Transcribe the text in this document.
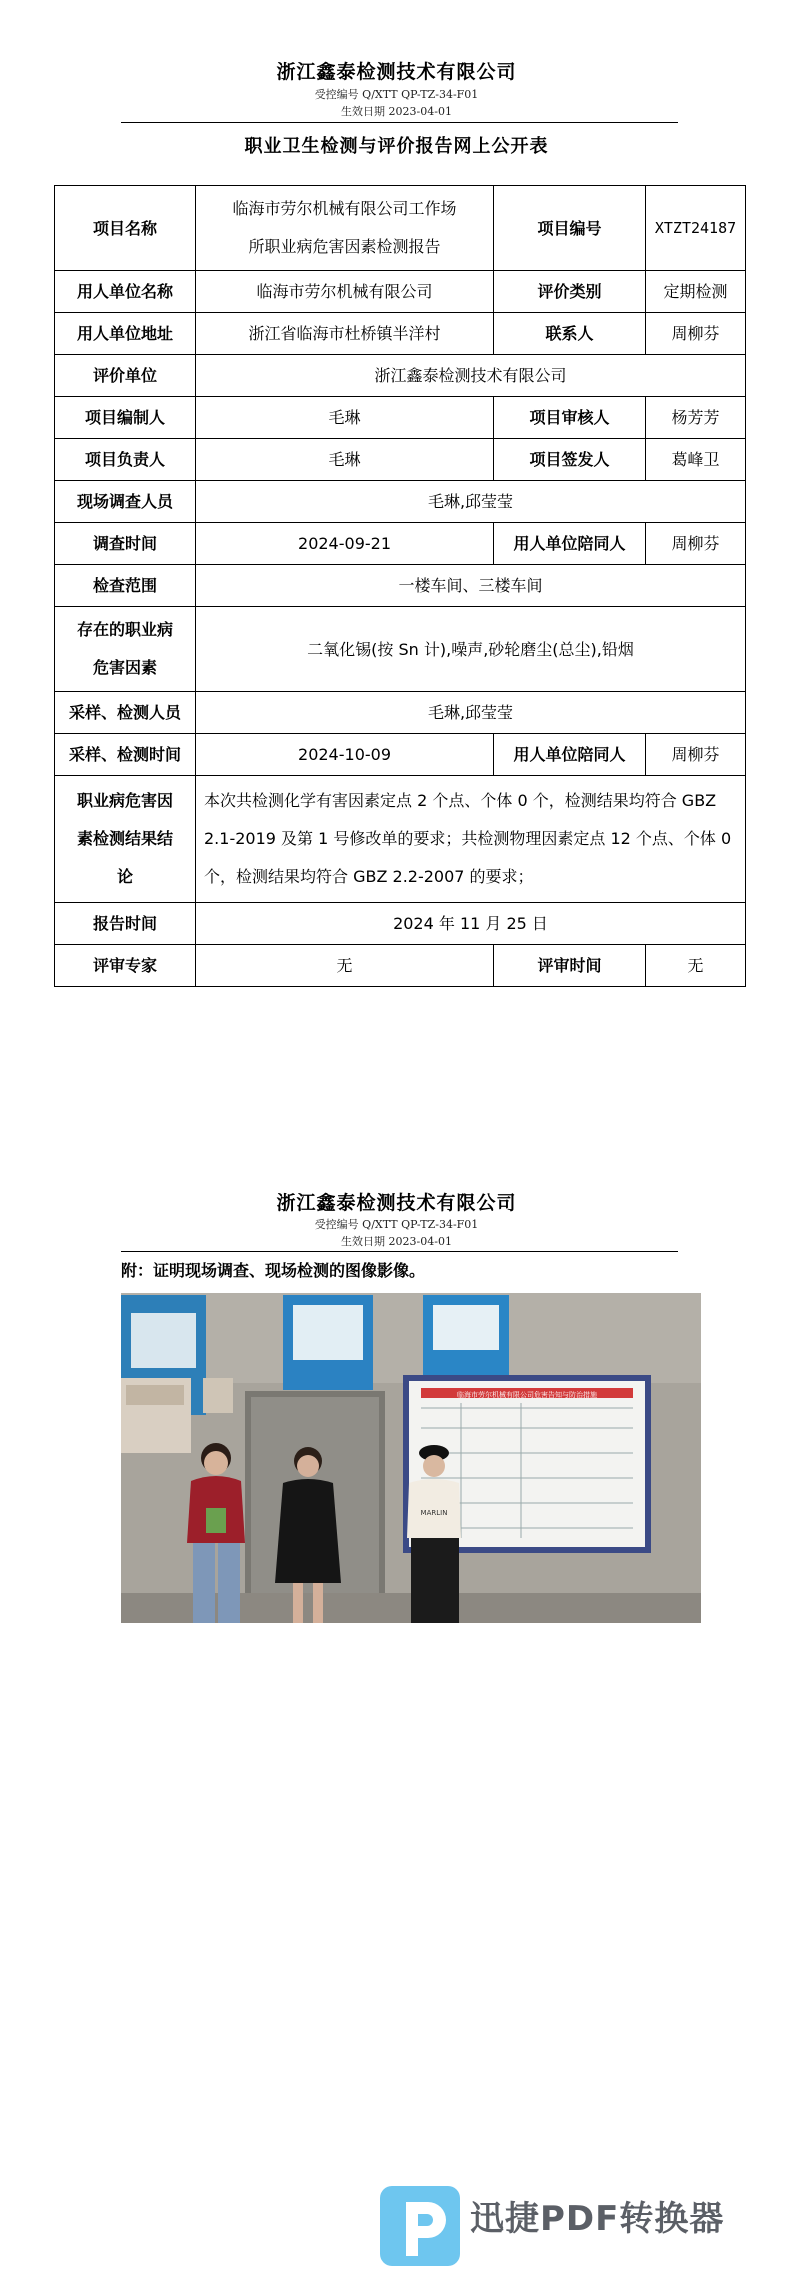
浙江鑫泰检测技术有限公司
受控编号 Q/XTT QP-TZ-34-F01
生效日期 2023-04-01
职业卫生检测与评价报告网上公开表
项目名称	临海市劳尔机械有限公司工作场
所职业病危害因素检测报告	项目编号	XTZT24187
用人单位名称	临海市劳尔机械有限公司	评价类别	定期检测
用人单位地址	浙江省临海市杜桥镇半洋村	联系人	周柳芬
评价单位	浙江鑫泰检测技术有限公司		
项目编制人	毛琳	项目审核人	杨芳芳
项目负责人	毛琳	项目签发人	葛峰卫
现场调查人员	毛琳,邱莹莹		
调查时间	2024-09-21	用人单位陪同人	周柳芬
检查范围	一楼车间、三楼车间		
存在的职业病
危害因素	二氧化锡(按 Sn 计),噪声,砂轮磨尘(总尘),铅烟		
采样、检测人员	毛琳,邱莹莹		
采样、检测时间	2024-10-09	用人单位陪同人	周柳芬
职业病危害因
素检测结果结
论	本次共检测化学有害因素定点 2 个点、个体 0 个，检测结果均符合 GBZ 2.1-2019 及第 1 号修改单的要求；共检测物理因素定点 12 个点、个体 0 个，检测结果均符合 GBZ 2.2-2007 的要求；		
报告时间	2024 年 11 月 25 日		
评审专家	无	评审时间	无
浙江鑫泰检测技术有限公司
受控编号 Q/XTT QP-TZ-34-F01
生效日期 2023-04-01
附：证明现场调查、现场检测的图像影像。
临海市劳尔机械有限公司危害告知与防治措施
MARLIN
迅捷PDF转换器
